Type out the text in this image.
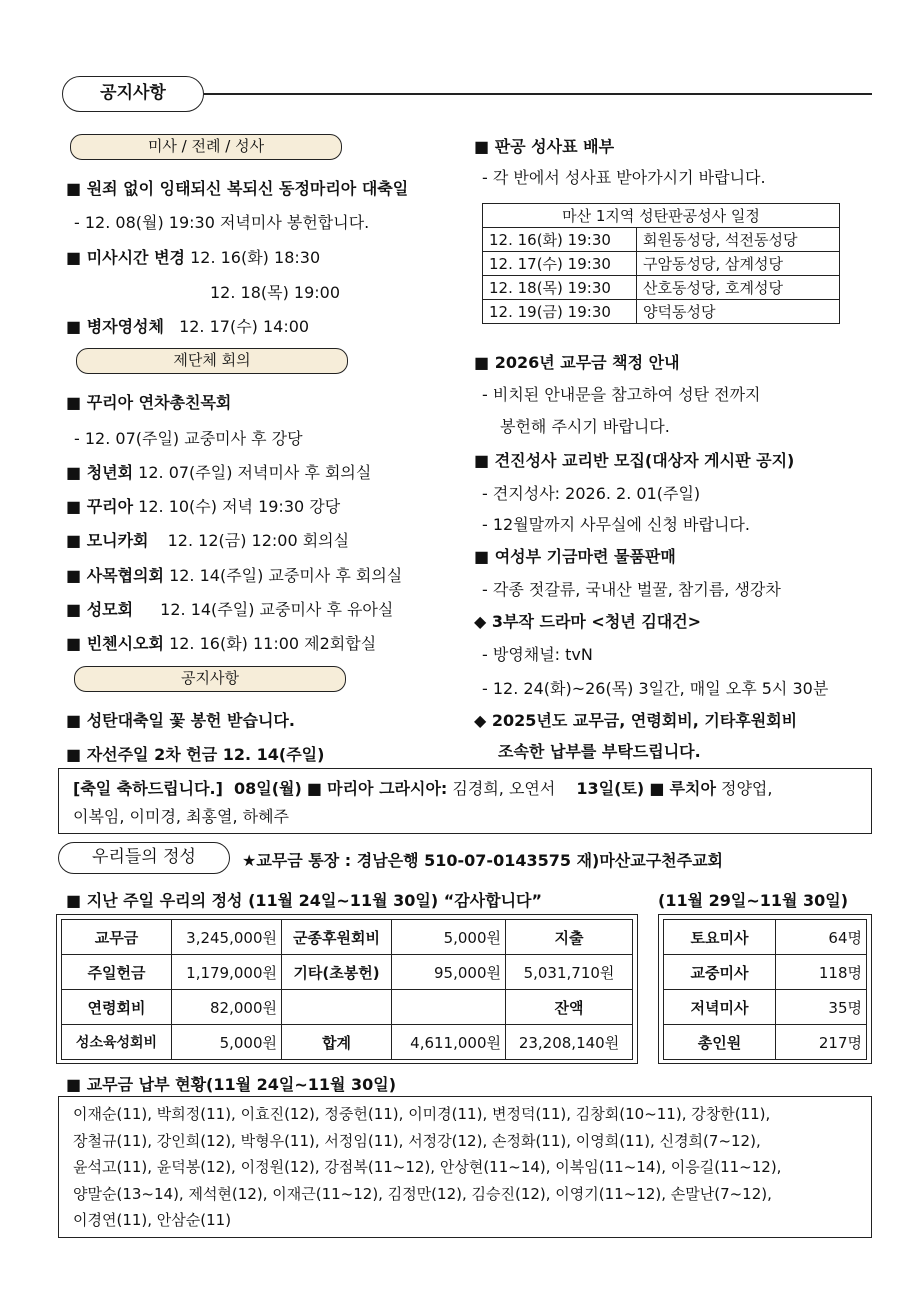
공지사항
미사 / 전례 / 성사
■ 원죄 없이 잉태되신 복되신 동정마리아 대축일
- 12. 08(월) 19:30 저녁미사 봉헌합니다.
■ 미사시간 변경 12. 16(화) 18:30
12. 18(목) 19:00
■ 병자영성체 12. 17(수) 14:00
제단체 회의
■ 꾸리아 연차총친목회
- 12. 07(주일) 교중미사 후 강당
■ 청년회 12. 07(주일) 저녁미사 후 회의실
■ 꾸리아 12. 10(수) 저녁 19:30 강당
■ 모니카회 12. 12(금) 12:00 회의실
■ 사목협의회 12. 14(주일) 교중미사 후 회의실
■ 성모회 12. 14(주일) 교중미사 후 유아실
■ 빈첸시오회 12. 16(화) 11:00 제2회합실
공지사항
■ 성탄대축일 꽃 봉헌 받습니다.
■ 자선주일 2차 헌금 12. 14(주일)
■ 판공 성사표 배부
- 각 반에서 성사표 받아가시기 바랍니다.
마산 1지역 성탄판공성사 일정	
12. 16(화) 19:30	회원동성당, 석전동성당
12. 17(수) 19:30	구암동성당, 삼계성당
12. 18(목) 19:30	산호동성당, 호계성당
12. 19(금) 19:30	양덕동성당
■ 2026년 교무금 책정 안내
- 비치된 안내문을 참고하여 성탄 전까지
봉헌해 주시기 바랍니다.
■ 견진성사 교리반 모집(대상자 게시판 공지)
- 견지성사: 2026. 2. 01(주일)
- 12월말까지 사무실에 신청 바랍니다.
■ 여성부 기금마련 물품판매
- 각종 젓갈류, 국내산 벌꿀, 참기름, 생강차
◆ 3부작 드라마 <청년 김대건>
- 방영채널: tvN
- 12. 24(화)~26(목) 3일간, 매일 오후 5시 30분
◆ 2025년도 교무금, 연령회비, 기타후원회비
조속한 납부를 부탁드립니다.
[축일 축하드립니다.] 08일(월) ■ 마리아 그라시아: 김경희, 오연서 13일(토) ■ 루치아 정양업,
이복임, 이미경, 최홍열, 하혜주
우리들의 정성	★교무금 통장 : 경남은행 510-07-0143575 재)마산교구천주교회
■ 지난 주일 우리의 정성 (11월 24일~11월 30일) “감사합니다”	(11월 29일~11월 30일)
교무금	3,245,000원	군종후원회비	5,000원	지출
주일헌금	1,179,000원	기타(초봉헌)	95,000원	5,031,710원
연령회비	82,000원			잔액
성소육성회비	5,000원	합계	4,611,000원	23,208,140원
토요미사	64명
교중미사	118명
저녁미사	35명
총인원	217명
■ 교무금 납부 현황(11월 24일~11월 30일)
이재순(11), 박희정(11), 이효진(12), 정중헌(11), 이미경(11), 변정덕(11), 김창회(10~11), 강창한(11),
장철규(11), 강인희(12), 박형우(11), 서정임(11), 서정강(12), 손정화(11), 이영희(11), 신경희(7~12),
윤석고(11), 윤덕봉(12), 이정원(12), 강점복(11~12), 안상현(11~14), 이복임(11~14), 이응길(11~12),
양말순(13~14), 제석현(12), 이재근(11~12), 김정만(12), 김승진(12), 이영기(11~12), 손말난(7~12),
이경연(11), 안삼순(11)
